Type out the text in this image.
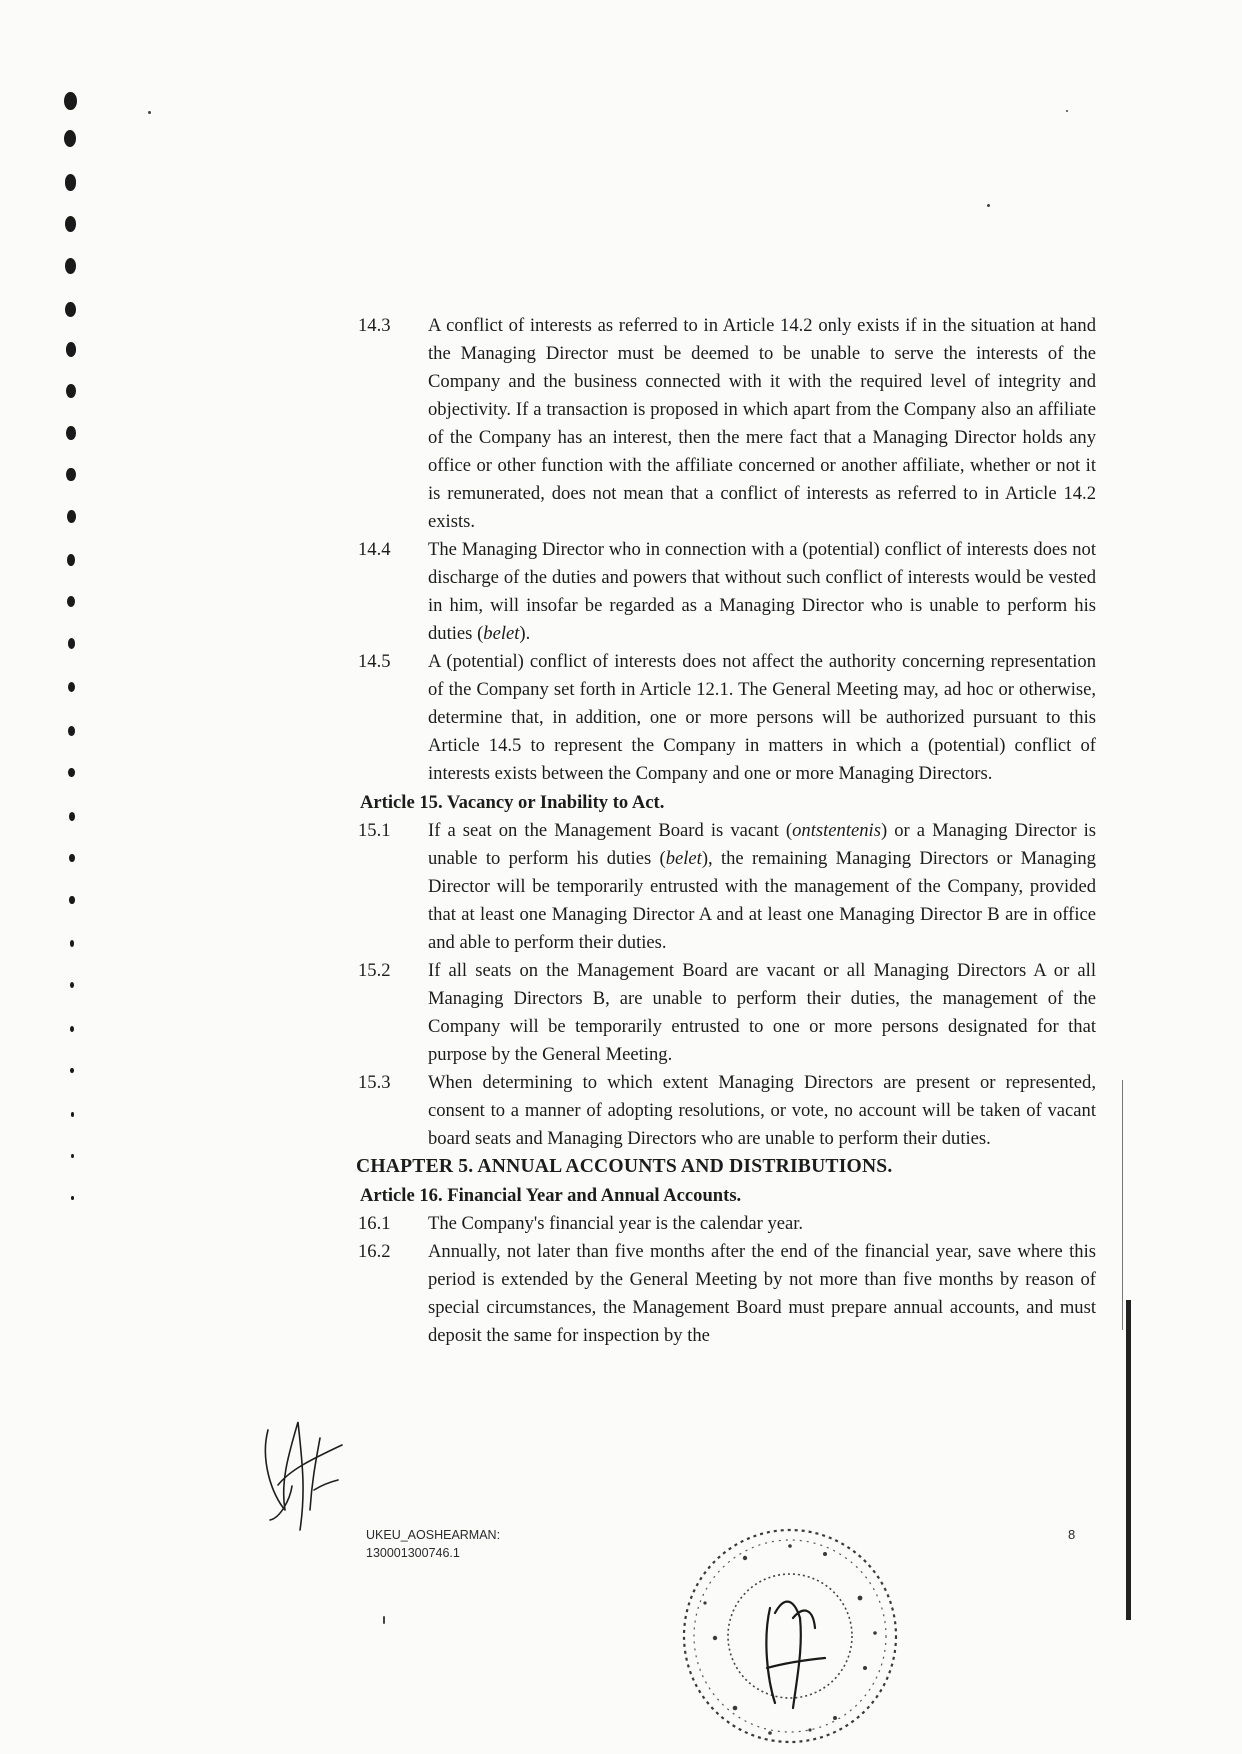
14.3 A conflict of interests as referred to in Article 14.2 only exists if in the situation at hand the Managing Director must be deemed to be unable to serve the interests of the Company and the business connected with it with the required level of integrity and objectivity. If a transaction is proposed in which apart from the Company also an affiliate of the Company has an interest, then the mere fact that a Managing Director holds any office or other function with the affiliate concerned or another affiliate, whether or not it is remunerated, does not mean that a conflict of interests as referred to in Article 14.2 exists.
14.4 The Managing Director who in connection with a (potential) conflict of interests does not discharge of the duties and powers that without such conflict of interests would be vested in him, will insofar be regarded as a Managing Director who is unable to perform his duties (belet).
14.5 A (potential) conflict of interests does not affect the authority concerning representation of the Company set forth in Article 12.1. The General Meeting may, ad hoc or otherwise, determine that, in addition, one or more persons will be authorized pursuant to this Article 14.5 to represent the Company in matters in which a (potential) conflict of interests exists between the Company and one or more Managing Directors.
Article 15. Vacancy or Inability to Act.
15.1 If a seat on the Management Board is vacant (ontstentenis) or a Managing Director is unable to perform his duties (belet), the remaining Managing Directors or Managing Director will be temporarily entrusted with the management of the Company, provided that at least one Managing Director A and at least one Managing Director B are in office and able to perform their duties.
15.2 If all seats on the Management Board are vacant or all Managing Directors A or all Managing Directors B, are unable to perform their duties, the management of the Company will be temporarily entrusted to one or more persons designated for that purpose by the General Meeting.
15.3 When determining to which extent Managing Directors are present or represented, consent to a manner of adopting resolutions, or vote, no account will be taken of vacant board seats and Managing Directors who are unable to perform their duties.
CHAPTER 5. ANNUAL ACCOUNTS AND DISTRIBUTIONS.
Article 16. Financial Year and Annual Accounts.
16.1 The Company's financial year is the calendar year.
16.2 Annually, not later than five months after the end of the financial year, save where this period is extended by the General Meeting by not more than five months by reason of special circumstances, the Management Board must prepare annual accounts, and must deposit the same for inspection by the
UKEU_AOSHEARMAN:
130001300746.1
8
